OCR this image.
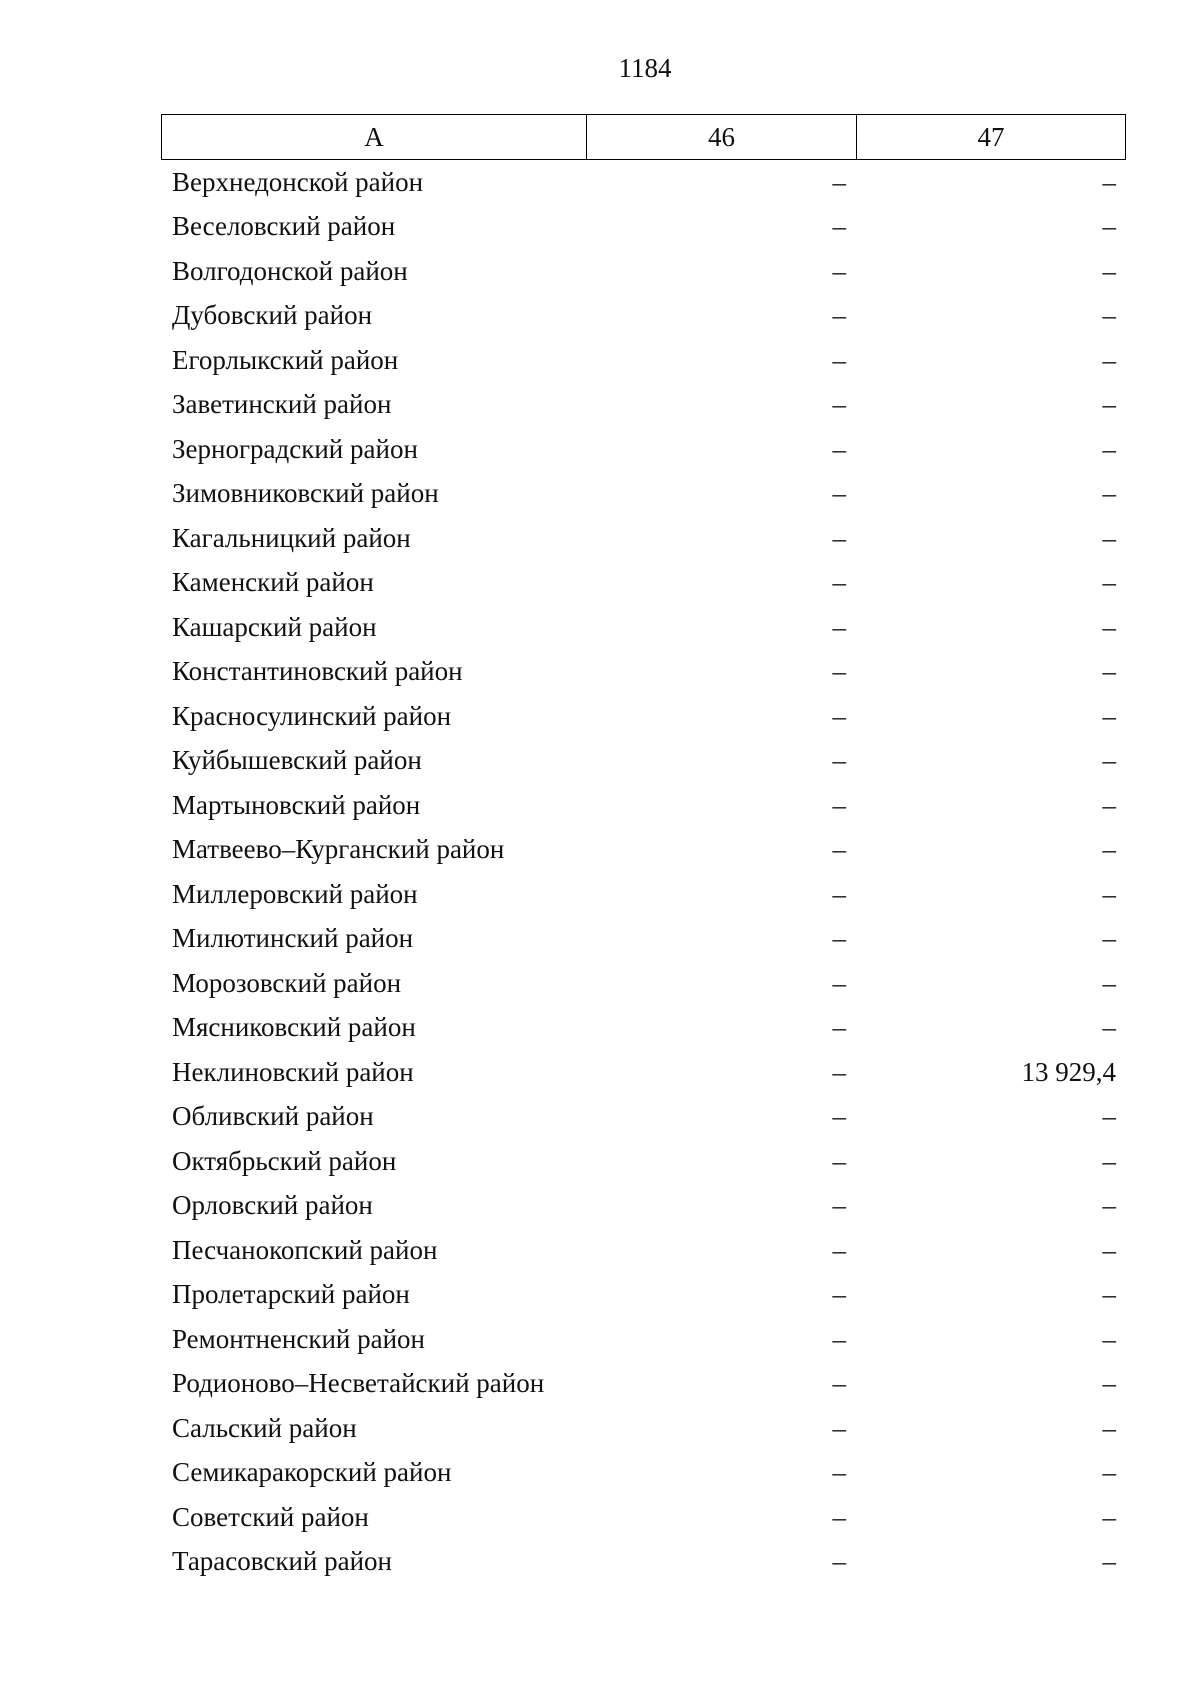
1184
А	46	47
Верхнедонской район	–	–
Веселовский район	–	–
Волгодонской район	–	–
Дубовский район	–	–
Егорлыкский район	–	–
Заветинский район	–	–
Зерноградский район	–	–
Зимовниковский район	–	–
Кагальницкий район	–	–
Каменский район	–	–
Кашарский район	–	–
Константиновский район	–	–
Красносулинский район	–	–
Куйбышевский район	–	–
Мартыновский район	–	–
Матвеево–Курганский район	–	–
Миллеровский район	–	–
Милютинский район	–	–
Морозовский район	–	–
Мясниковский район	–	–
Неклиновский район	–	13 929,4
Обливский район	–	–
Октябрьский район	–	–
Орловский район	–	–
Песчанокопский район	–	–
Пролетарский район	–	–
Ремонтненский район	–	–
Родионово–Несветайский район	–	–
Сальский район	–	–
Семикаракорский район	–	–
Советский район	–	–
Тарасовский район	–	–
